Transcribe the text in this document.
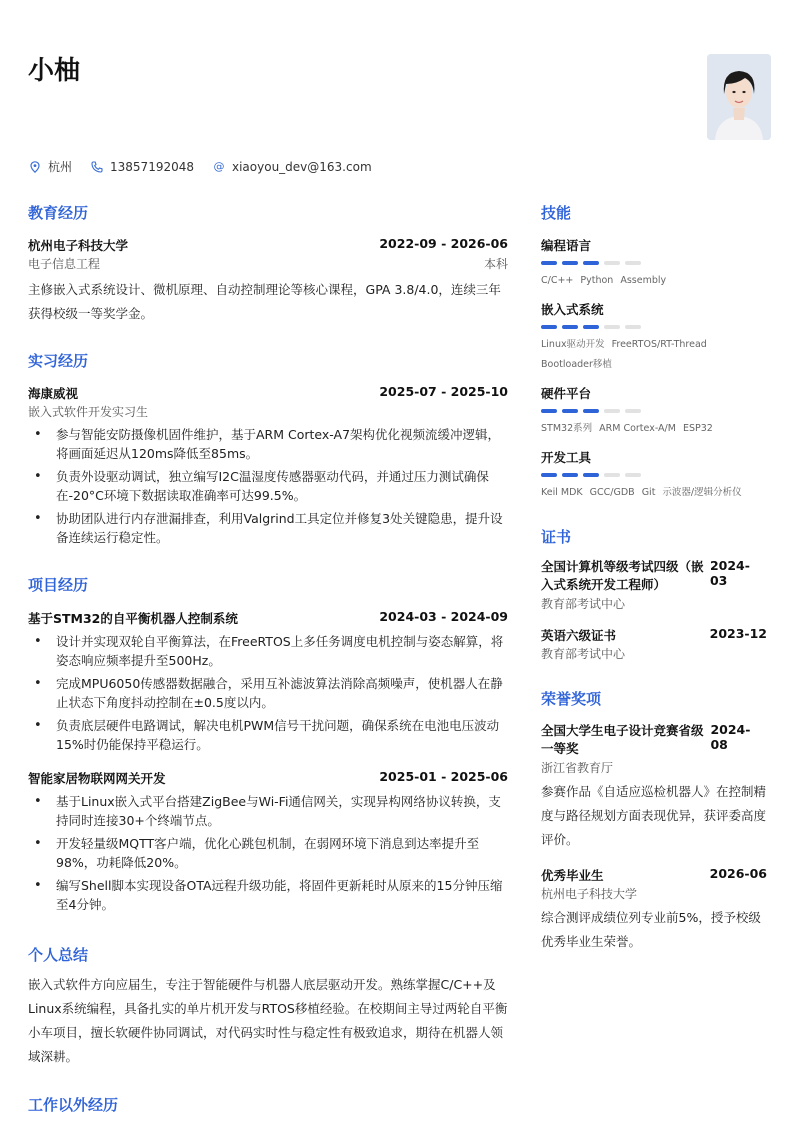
小柚
杭州	13857192048 @ xiaoyou_dev@163.com
教育经历
杭州电子科技大学	2022-09 - 2026-06
电子信息工程	本科
主修嵌入式系统设计、微机原理、自动控制理论等核心课程，GPA 3.8/4.0，连续三年获得校级一等奖学金。
实习经历
海康威视	2025-07 - 2025-10
嵌入式软件开发实习生
• 参与智能安防摄像机固件维护，基于ARM Cortex-A7架构优化视频流缓冲逻辑，将画面延迟从120ms降低至85ms。
• 负责外设驱动调试，独立编写I2C温湿度传感器驱动代码，并通过压力测试确保在-20°C环境下数据读取准确率可达99.5%。
• 协助团队进行内存泄漏排查，利用Valgrind工具定位并修复3处关键隐患，提升设备连续运行稳定性。
项目经历
基于STM32的自平衡机器人控制系统	2024-03 - 2024-09
• 设计并实现双轮自平衡算法，在FreeRTOS上多任务调度电机控制与姿态解算，将姿态响应频率提升至500Hz。
• 完成MPU6050传感器数据融合，采用互补滤波算法消除高频噪声，使机器人在静止状态下角度抖动控制在±0.5度以内。
• 负责底层硬件电路调试，解决电机PWM信号干扰问题，确保系统在电池电压波动15%时仍能保持平稳运行。
智能家居物联网网关开发	2025-01 - 2025-06
• 基于Linux嵌入式平台搭建ZigBee与Wi-Fi通信网关，实现异构网络协议转换，支持同时连接30+个终端节点。
• 开发轻量级MQTT客户端，优化心跳包机制，在弱网环境下消息到达率提升至98%，功耗降低20%。
• 编写Shell脚本实现设备OTA远程升级功能，将固件更新耗时从原来的15分钟压缩至4分钟。
个人总结
嵌入式软件方向应届生，专注于智能硬件与机器人底层驱动开发。熟练掌握C/C++及Linux系统编程，具备扎实的单片机开发与RTOS移植经验。在校期间主导过两轮自平衡小车项目，擅长软硬件协同调试，对代码实时性与稳定性有极致追求，期待在机器人领域深耕。
工作以外经历
技能
编程语言
C/C++ Python Assembly
嵌入式系统
Linux驱动开发 FreeRTOS/RT-Thread
Bootloader移植
硬件平台
STM32系列 ARM Cortex-A/M ESP32
开发工具
Keil MDK GCC/GDB Git 示波器/逻辑分析仪
证书
全国计算机等级考试四级（嵌入式系统开发工程师）
2024-03
教育部考试中心
英语六级证书	2023-12
教育部考试中心
荣誉奖项
全国大学生电子设计竞赛省级一等奖
2024-08
浙江省教育厅
参赛作品《自适应巡检机器人》在控制精度与路径规划方面表现优异，获评委高度评价。
优秀毕业生	2026-06
杭州电子科技大学
综合测评成绩位列专业前5%，授予校级优秀毕业生荣誉。
